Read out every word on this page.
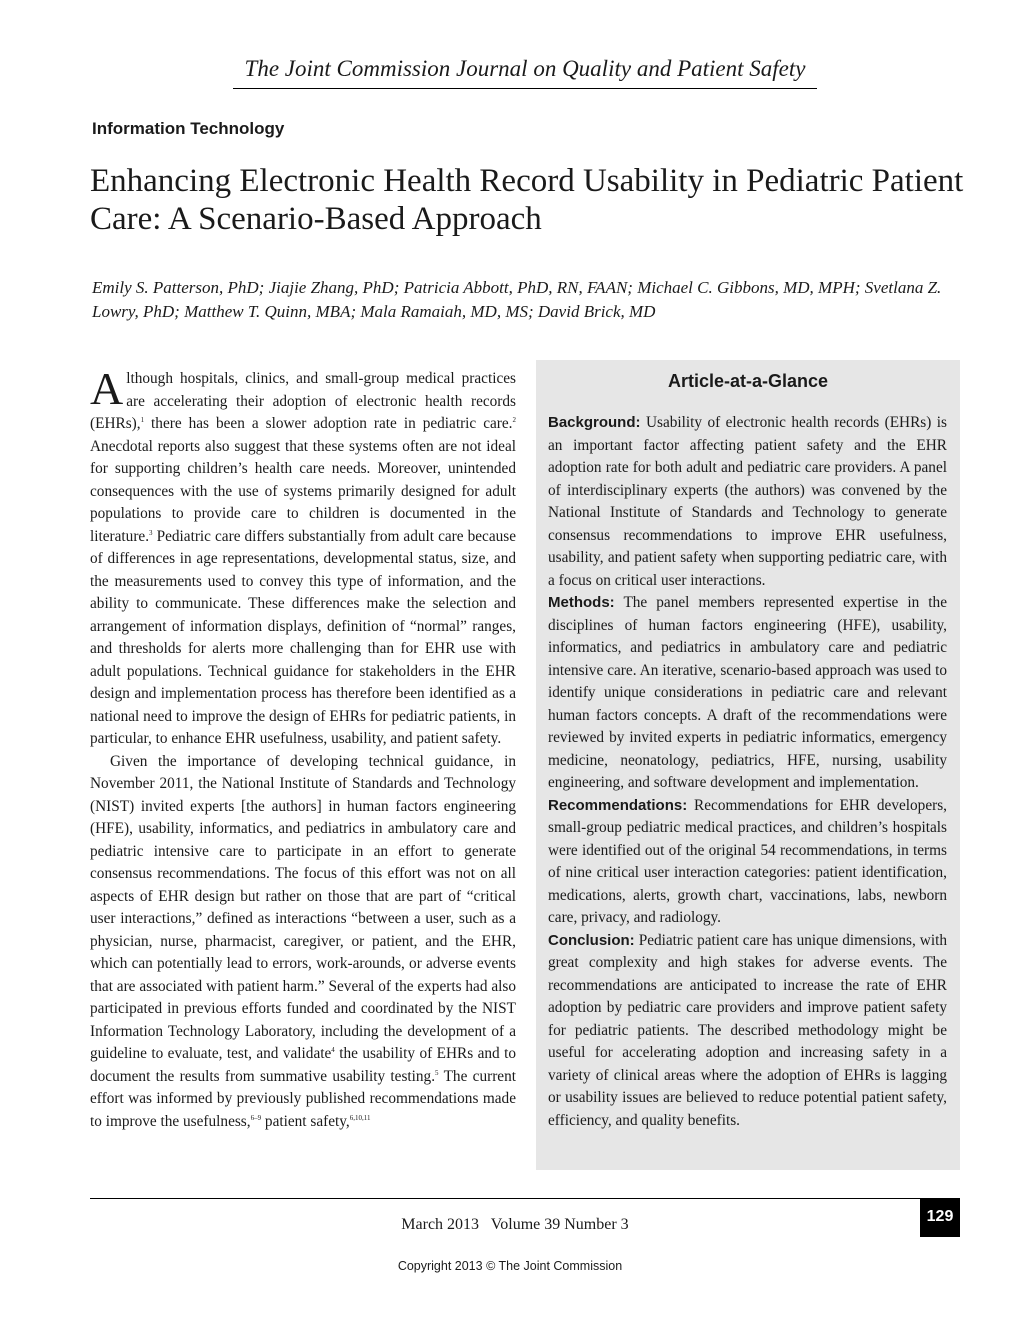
The Joint Commission Journal on Quality and Patient Safety
Information Technology
Enhancing Electronic Health Record Usability in Pediatric Patient Care: A Scenario-Based Approach
Emily S. Patterson, PhD; Jiajie Zhang, PhD; Patricia Abbott, PhD, RN, FAAN; Michael C. Gibbons, MD, MPH; Svetlana Z. Lowry, PhD; Matthew T. Quinn, MBA; Mala Ramaiah, MD, MS; David Brick, MD

Although hospitals, clinics, and small-group medical practices are accelerating their adoption of electronic health records (EHRs),$^1$ there has been a slower adoption rate in pediatric care.$^2$ Anecdotal reports also suggest that these systems often are not ideal for supporting children’s health care needs. Moreover, unintended consequences with the use of systems primarily designed for adult populations to provide care to children is documented in the literature.$^3$ Pediatric care differs substantially from adult care because of differences in age representations, developmental status, size, and the measurements used to convey this type of information, and the ability to communicate. These differences make the selection and arrangement of information displays, definition of “normal” ranges, and thresholds for alerts more challenging than for EHR use with adult populations. Technical guidance for stakeholders in the EHR design and implementation process has therefore been identified as a national need to improve the design of EHRs for pediatric patients, in particular, to enhance EHR usefulness, usability, and patient safety.

Given the importance of developing technical guidance, in November 2011, the National Institute of Standards and Technology (NIST) invited experts [the authors] in human factors engineering (HFE), usability, informatics, and pediatrics in ambulatory care and pediatric intensive care to participate in an effort to generate consensus recommendations. The focus of this effort was not on all aspects of EHR design but rather on those that are part of “critical user interactions,” defined as interactions “between a user, such as a physician, nurse, pharmacist, caregiver, or patient, and the EHR, which can potentially lead to errors, work-arounds, or adverse events that are associated with patient harm.” Several of the experts had also participated in previous efforts funded and coordinated by the NIST Information Technology Laboratory, including the development of a guideline to evaluate, test, and validate$^4$ the usability of EHRs and to document the results from summative usability testing.$^5$ The current effort was informed by previously published recommendations made to improve the usefulness,$^{6-9}$ patient safety,$^{6,10,11}$

Article-at-a-Glance

Background: Usability of electronic health records (EHRs) is an important factor affecting patient safety and the EHR adoption rate for both adult and pediatric care providers. A panel of interdisciplinary experts (the authors) was convened by the National Institute of Standards and Technology to generate consensus recommendations to improve EHR usefulness, usability, and patient safety when supporting pediatric care, with a focus on critical user interactions.

Methods: The panel members represented expertise in the disciplines of human factors engineering (HFE), usability, informatics, and pediatrics in ambulatory care and pediatric intensive care. An iterative, scenario-based approach was used to identify unique considerations in pediatric care and relevant human factors concepts. A draft of the recommendations were reviewed by invited experts in pediatric informatics, emergency medicine, neonatology, pediatrics, HFE, nursing, usability engineering, and software development and implementation.

Recommendations: Recommendations for EHR developers, small-group pediatric medical practices, and children’s hospitals were identified out of the original 54 recommendations, in terms of nine critical user interaction categories: patient identification, medications, alerts, growth chart, vaccinations, labs, newborn care, privacy, and radiology.

Conclusion: Pediatric patient care has unique dimensions, with great complexity and high stakes for adverse events. The recommendations are anticipated to increase the rate of EHR adoption by pediatric care providers and improve patient safety for pediatric patients. The described methodology might be useful for accelerating adoption and increasing safety in a variety of clinical areas where the adoption of EHRs is lagging or usability issues are believed to reduce potential patient safety, efficiency, and quality benefits.

March 2013   Volume 39 Number 3	129
Copyright 2013 © The Joint Commission
